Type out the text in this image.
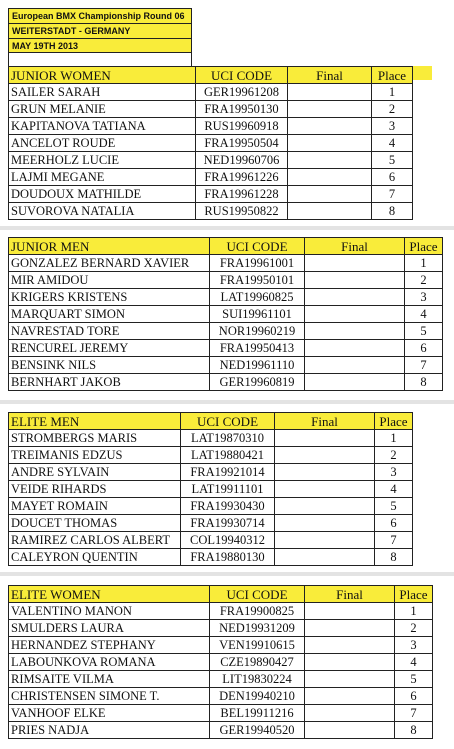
European BMX Championship Round 06
WEITERSTADT - GERMANY
MAY 19TH 2013
JUNIOR WOMEN	UCI CODE	Final	Place
SAILER SARAH	GER19961208		1
GRUN MELANIE	FRA19950130		2
KAPITANOVA TATIANA	RUS19960918		3
ANCELOT ROUDE	FRA19950504		4
MEERHOLZ LUCIE	NED19960706		5
LAJMI MEGANE	FRA19961226		6
DOUDOUX MATHILDE	FRA19961228		7
SUVOROVA NATALIA	RUS19950822		8
JUNIOR MEN	UCI CODE	Final	Place
GONZALEZ BERNARD XAVIER	FRA19961001		1
MIR AMIDOU	FRA19950101		2
KRIGERS KRISTENS	LAT19960825		3
MARQUART SIMON	SUI19961101		4
NAVRESTAD TORE	NOR19960219		5
RENCUREL JEREMY	FRA19950413		6
BENSINK NILS	NED19961110		7
BERNHART JAKOB	GER19960819		8
ELITE MEN	UCI CODE	Final	Place
STROMBERGS MARIS	LAT19870310		1
TREIMANIS EDZUS	LAT19880421		2
ANDRE SYLVAIN	FRA19921014		3
VEIDE RIHARDS	LAT19911101		4
MAYET ROMAIN	FRA19930430		5
DOUCET THOMAS	FRA19930714		6
RAMIREZ CARLOS ALBERT	COL19940312		7
CALEYRON QUENTIN	FRA19880130		8
ELITE WOMEN	UCI CODE	Final	Place
VALENTINO MANON	FRA19900825		1
SMULDERS LAURA	NED19931209		2
HERNANDEZ STEPHANY	VEN19910615		3
LABOUNKOVA ROMANA	CZE19890427		4
RIMSAITE VILMA	LIT19830224		5
CHRISTENSEN SIMONE T.	DEN19940210		6
VANHOOF ELKE	BEL19911216		7
PRIES NADJA	GER19940520		8
